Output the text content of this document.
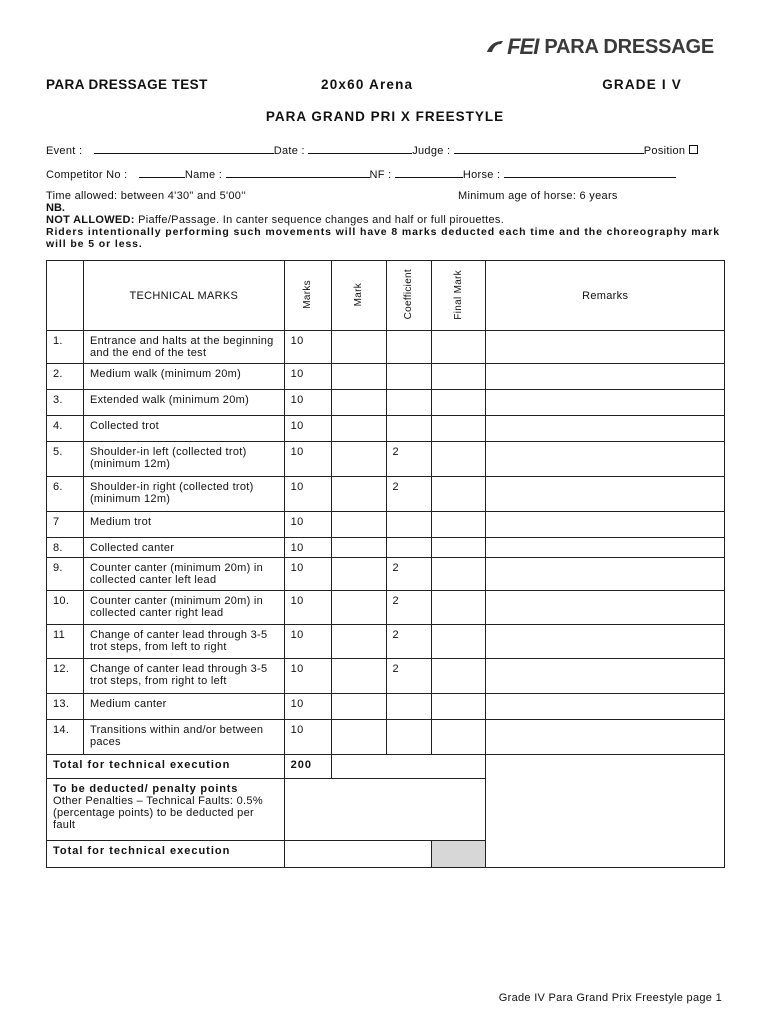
FEI PARA DRESSAGE
PARA DRESSAGE TEST	20x60 Arena	GRADE I V
PARA GRAND PRI X FREESTYLE
Event :	Date :	Judge :	Position
Competitor No :	Name :	NF :	Horse :
Time allowed: between 4'30" and 5'00''	Minimum age of horse: 6 years
NB.
NOT ALLOWED: Piaffe/Passage. In canter sequence changes and half or full pirouettes.
Riders intentionally performing such movements will have 8 marks deducted each time and the choreography mark will be 5 or less.
	TECHNICAL MARKS	Marks	Mark	Coefficient	Final Mark	Remarks
1.	Entrance and halts at the beginning and the end of the test	10				
2.	Medium walk (minimum 20m)	10				
3.	Extended walk (minimum 20m)	10				
4.	Collected trot	10				
5.	Shoulder-in left (collected trot) (minimum 12m)	10		2		
6.	Shoulder-in right (collected trot) (minimum 12m)	10		2		
7	Medium trot	10				
8.	Collected canter	10				
9.	Counter canter (minimum 20m) in collected canter left lead	10		2		
10.	Counter canter (minimum 20m) in collected canter right lead	10		2		
11	Change of canter lead through 3-5 trot steps, from left to right	10		2		
12.	Change of canter lead through 3-5 trot steps, from right to left	10		2		
13.	Medium canter	10				
14.	Transitions within and/or between paces	10				
Total for technical execution		200				
To be deducted/ penalty points
Other Penalties – Technical Faults: 0.5% (percentage points) to be deducted per fault						
Total for technical execution						
Grade IV Para Grand Prix Freestyle page 1
